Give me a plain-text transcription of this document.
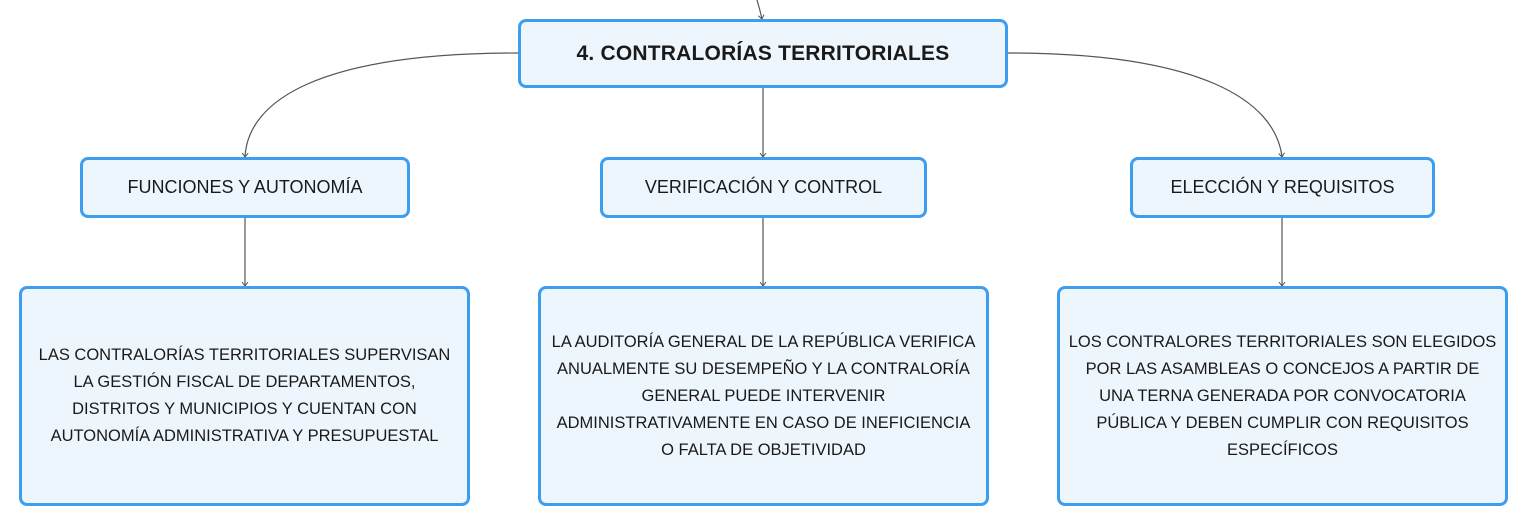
4. CONTRALORÍAS TERRITORIALES
FUNCIONES Y AUTONOMÍA	VERIFICACIÓN Y CONTROL	ELECCIÓN Y REQUISITOS
LAS CONTRALORÍAS TERRITORIALES SUPERVISAN LA GESTIÓN FISCAL DE DEPARTAMENTOS, DISTRITOS Y MUNICIPIOS Y CUENTAN CON AUTONOMÍA ADMINISTRATIVA Y PRESUPUESTAL
LA AUDITORÍA GENERAL DE LA REPÚBLICA VERIFICA ANUALMENTE SU DESEMPEÑO Y LA CONTRALORÍA GENERAL PUEDE INTERVENIR ADMINISTRATIVAMENTE EN CASO DE INEFICIENCIA O FALTA DE OBJETIVIDAD
LOS CONTRALORES TERRITORIALES SON ELEGIDOS POR LAS ASAMBLEAS O CONCEJOS A PARTIR DE UNA TERNA GENERADA POR CONVOCATORIA PÚBLICA Y DEBEN CUMPLIR CON REQUISITOS ESPECÍFICOS
